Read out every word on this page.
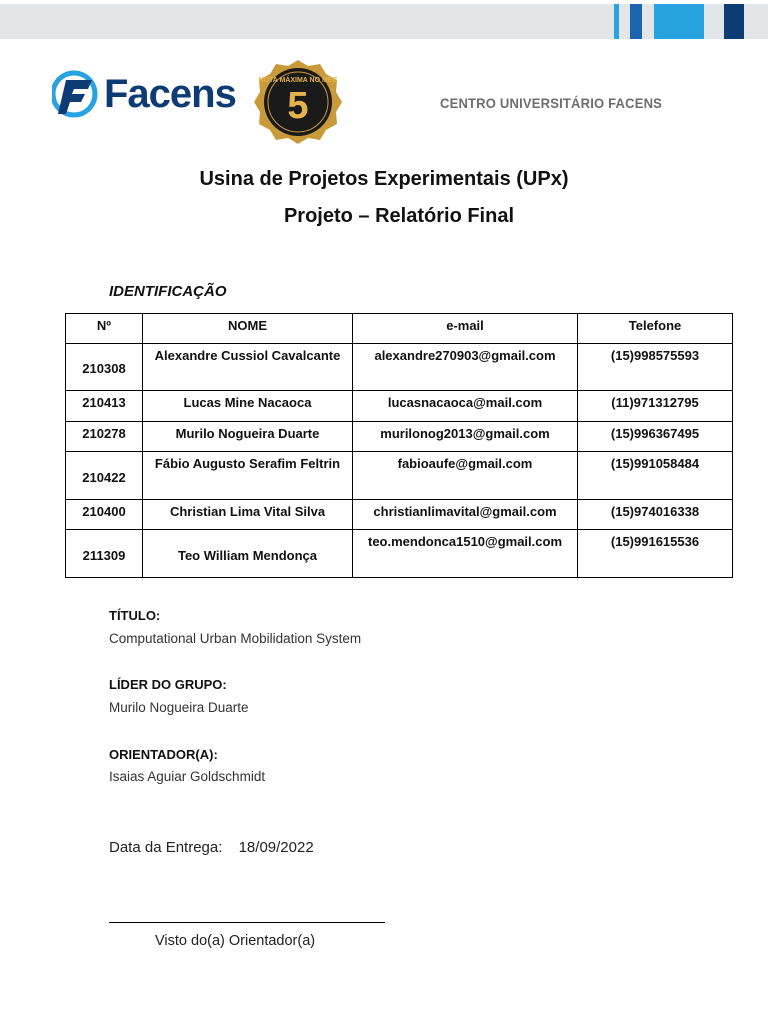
Facens 5
NOTA MÁXIMA NO MEC
CENTRO UNIVERSITÁRIO FACENS
Usina de Projetos Experimentais (UPx)
Projeto – Relatório Final
IDENTIFICAÇÃO
Nº	NOME	e-mail	Telefone
210308	Alexandre Cussiol Cavalcante	alexandre270903@gmail.com	(15)998575593
210413	Lucas Mine Nacaoca	lucasnacaoca@mail.com	(11)971312795
210278	Murilo Nogueira Duarte	murilonog2013@gmail.com	(15)996367495
210422	Fábio Augusto Serafim Feltrin	fabioaufe@gmail.com	(15)991058484
210400	Christian Lima Vital Silva	christianlimavital@gmail.com	(15)974016338
211309	Teo William Mendonça	teo.mendonca1510@gmail.com	(15)991615536
TÍTULO:
Computational Urban Mobilidation System
LÍDER DO GRUPO:
Murilo Nogueira Duarte
ORIENTADOR(A):
Isaias Aguiar Goldschmidt
Data da Entrega: 18/09/2022
Visto do(a) Orientador(a)
